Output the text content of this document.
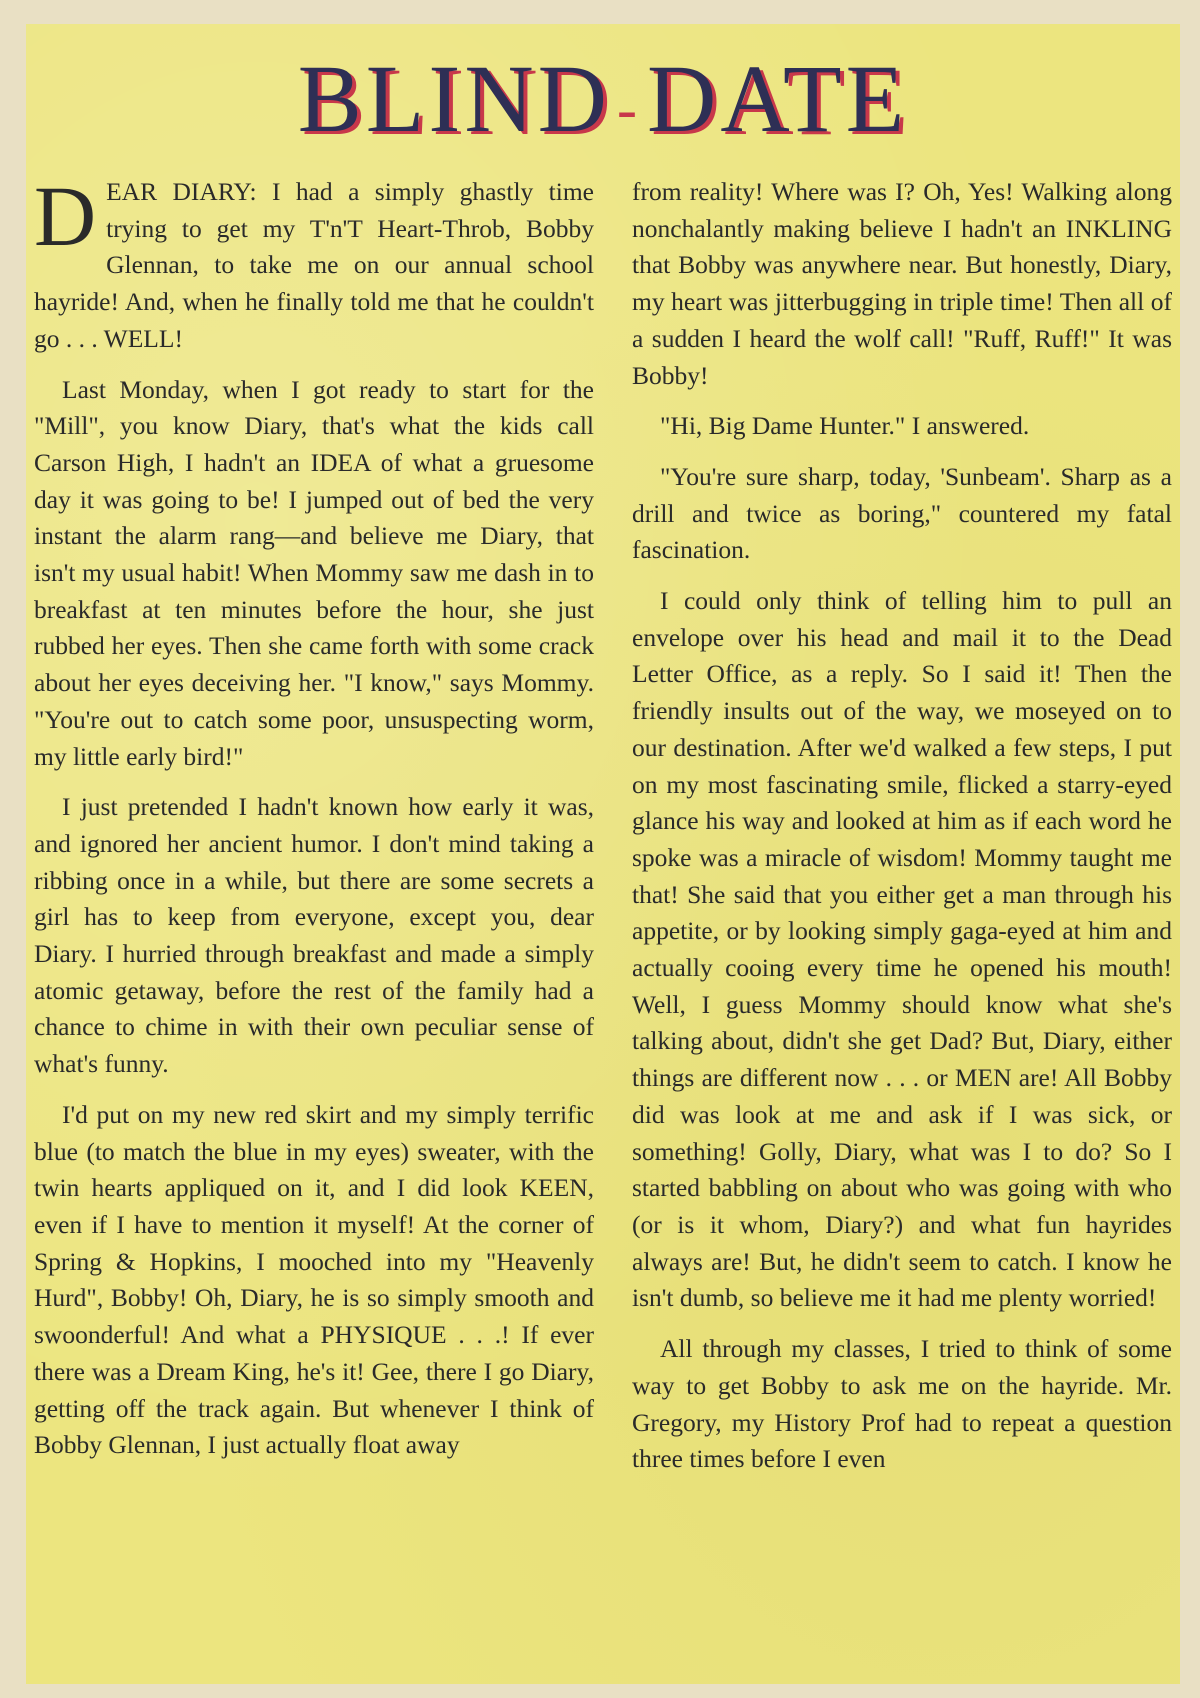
BLIND -DATE

DEAR DIARY: I had a simply ghastly time trying to get my T'n'T Heart-Throb, Bobby Glennan, to take me on our annual school hayride! And, when he finally told me that he couldn't go . . . WELL!

Last Monday, when I got ready to start for the "Mill", you know Diary, that's what the kids call Carson High, I hadn't an IDEA of what a gruesome day it was going to be! I jumped out of bed the very instant the alarm rang—and believe me Diary, that isn't my usual habit! When Mommy saw me dash in to breakfast at ten minutes before the hour, she just rubbed her eyes. Then she came forth with some crack about her eyes deceiving her. "I know," says Mommy. "You're out to catch some poor, unsuspecting worm, my little early bird!"

I just pretended I hadn't known how early it was, and ignored her ancient humor. I don't mind taking a ribbing once in a while, but there are some secrets a girl has to keep from everyone, except you, dear Diary. I hurried through breakfast and made a simply atomic getaway, before the rest of the family had a chance to chime in with their own peculiar sense of what's funny.

I'd put on my new red skirt and my simply terrific blue (to match the blue in my eyes) sweater, with the twin hearts appliqued on it, and I did look KEEN, even if I have to mention it myself! At the corner of Spring & Hopkins, I mooched into my "Heavenly Hurd", Bobby! Oh, Diary, he is so simply smooth and swoonderful! And what a PHYSIQUE . . .! If ever there was a Dream King, he's it! Gee, there I go Diary, getting off the track again. But whenever I think of Bobby Glennan, I just actually float away

from reality! Where was I? Oh, Yes! Walking along nonchalantly making believe I hadn't an INKLING that Bobby was anywhere near. But honestly, Diary, my heart was jitterbugging in triple time! Then all of a sudden I heard the wolf call! "Ruff, Ruff!" It was Bobby!

"Hi, Big Dame Hunter." I answered.

"You're sure sharp, today, 'Sunbeam'. Sharp as a drill and twice as boring," countered my fatal fascination.

I could only think of telling him to pull an envelope over his head and mail it to the Dead Letter Office, as a reply. So I said it! Then the friendly insults out of the way, we moseyed on to our destination. After we'd walked a few steps, I put on my most fascinating smile, flicked a starry-eyed glance his way and looked at him as if each word he spoke was a miracle of wisdom! Mommy taught me that! She said that you either get a man through his appetite, or by looking simply gaga-eyed at him and actually cooing every time he opened his mouth! Well, I guess Mommy should know what she's talking about, didn't she get Dad? But, Diary, either things are different now . . . or MEN are! All Bobby did was look at me and ask if I was sick, or something! Golly, Diary, what was I to do? So I started babbling on about who was going with who (or is it whom, Diary?) and what fun hayrides always are! But, he didn't seem to catch. I know he isn't dumb, so believe me it had me plenty worried!

All through my classes, I tried to think of some way to get Bobby to ask me on the hayride. Mr. Gregory, my History Prof had to repeat a question three times before I even
